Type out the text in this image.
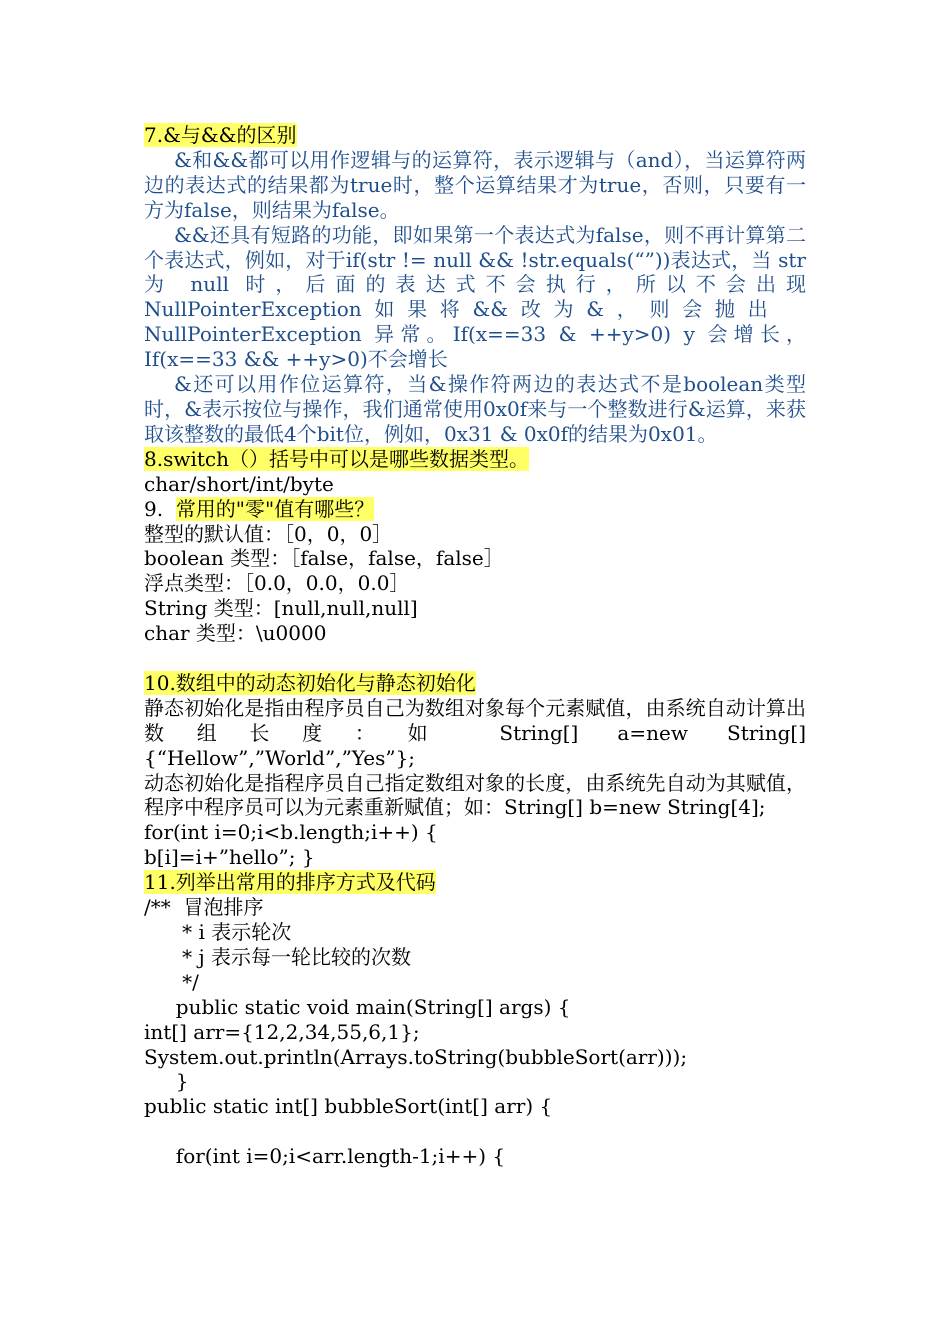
7.&与&&的区别
&和&&都可以用作逻辑与的运算符，表示逻辑与（and），当运算符两边的表达式的结果都为true时，整个运算结果才为true，否则，只要有一方为false，则结果为false。
&&还具有短路的功能，即如果第一个表达式为false，则不再计算第二个表达式，例如，对于if(str != null && !str.equals(“”))表达式，当 str 为 null 时，后面的表达式不会执行，所以不会出现
NullPointerException  如  果  将  &&  改  为  &  ，  则  会  抛  出
NullPointerException 异常。If(x==33 & ++y>0) y 会增长，If(x==33 && ++y>0)不会增长
&还可以用作位运算符，当&操作符两边的表达式不是boolean类型时，&表示按位与操作，我们通常使用0x0f来与一个整数进行&运算，来获取该整数的最低4个bit位，例如，0x31 & 0x0f的结果为0x01。
8.switch（）括号中可以是哪些数据类型。
char/short/int/byte
9. 常用的"零"值有哪些？
整型的默认值：［0，0，0］
boolean 类型：［false，false，false］
浮点类型：［0.0，0.0，0.0］
String 类型：[null,null,null]
char 类型：\u0000
10.数组中的动态初始化与静态初始化
静态初始化是指由程序员自己为数组对象每个元素赋值，由系统自动计算出数组长度：如 String[] a=new String[]
{“Hellow”,”World”,”Yes”};
动态初始化是指程序员自己指定数组对象的长度，由系统先自动为其赋值，程序中程序员可以为元素重新赋值；如：String[] b=new String[4];
for(int i=0;i<b.length;i++) {
b[i]=i+”hello”; }
11.列举出常用的排序方式及代码
/**  冒泡排序
* i 表示轮次
* j 表示每一轮比较的次数
*/
public static void main(String[] args) {
int[] arr={12,2,34,55,6,1};
System.out.println(Arrays.toString(bubbleSort(arr)));
}
public static int[] bubbleSort(int[] arr) {
for(int i=0;i<arr.length-1;i++) {
